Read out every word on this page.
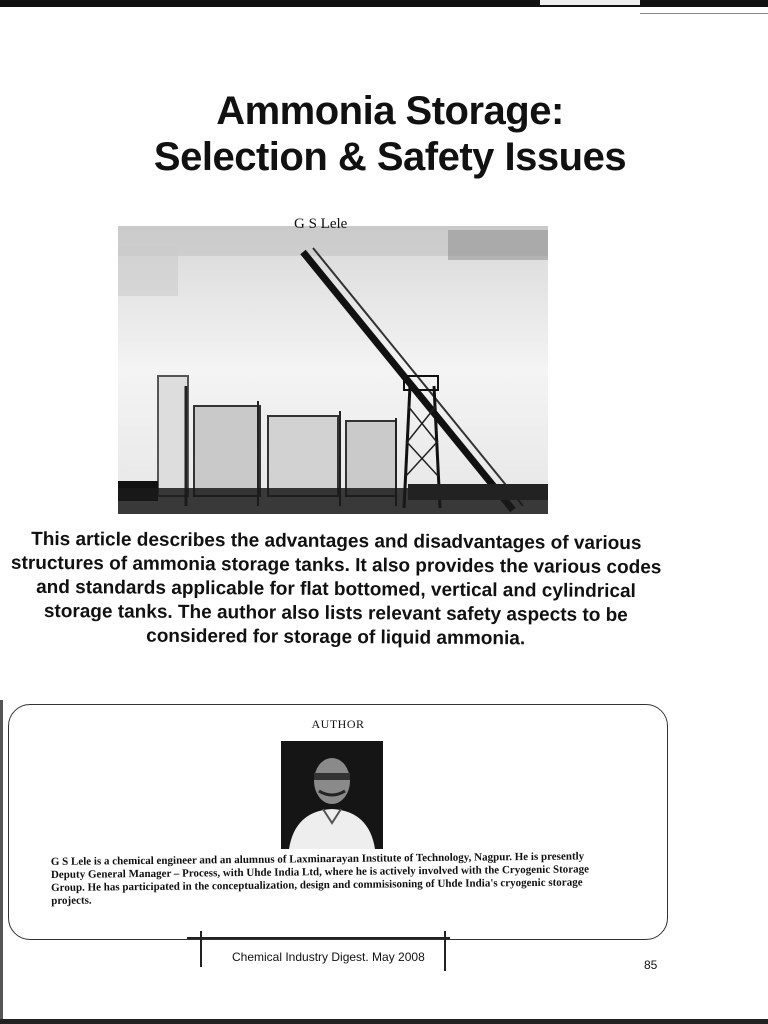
Ammonia Storage:
Selection & Safety Issues
G S Lele

This article describes the advantages and disadvantages of various structures of ammonia storage tanks. It also provides the various codes and standards applicable for flat bottomed, vertical and cylindrical storage tanks. The author also lists relevant safety aspects to be considered for storage of liquid ammonia.

AUTHOR

G S Lele is a chemical engineer and an alumnus of Laxminarayan Institute of Technology, Nagpur. He is presently Deputy General Manager – Process, with Uhde India Ltd, where he is actively involved with the Cryogenic Storage Group. He has participated in the conceptualization, design and commisisoning of Uhde India's cryogenic storage projects.

Chemical Industry Digest. May 2008
85
